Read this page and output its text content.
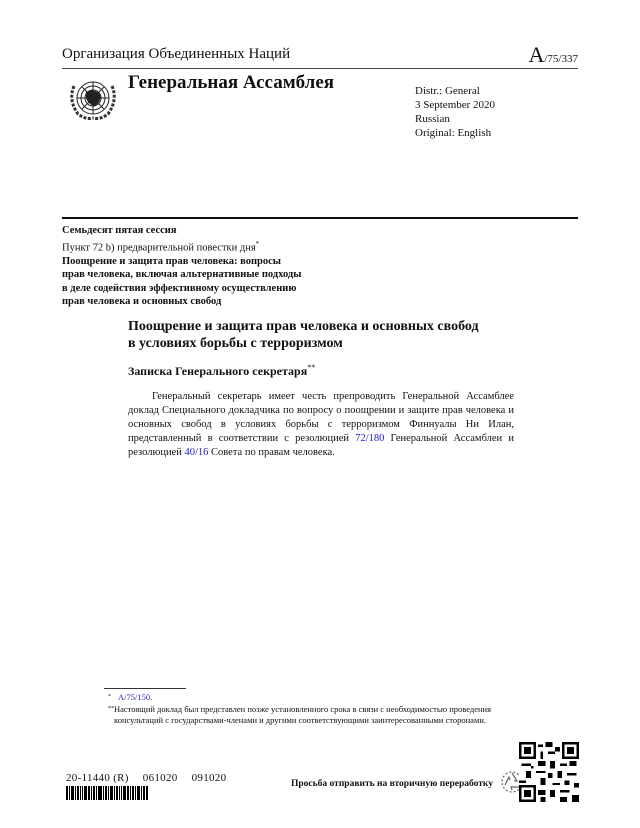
Организация Объединенных Наций	A/75/337
Генеральная Ассамблея	Distr.: General
3 September 2020
Russian
Original: English
Семьдесят пятая сессия
Пункт 72 b) предварительной повестки дня*
Поощрение и защита прав человека: вопросы
прав человека, включая альтернативные подходы
в деле содействия эффективному осуществлению
прав человека и основных свобод
Поощрение и защита прав человека и основных свобод
в условиях борьбы с терроризмом
Записка Генерального секретаря**

Генеральный секретарь имеет честь препроводить Генеральной Ассамблее доклад Специального докладчика по вопросу о поощрении и защите прав человека и основных свобод в условиях борьбы с терроризмом Финнуалы Ни Илан, представленный в соответствии с резолюцией 72/180 Генеральной Ассамблеи и резолюцией 40/16 Совета по правам человека.

* A/75/150.
** Настоящий доклад был представлен позже установленного срока в связи с необходимостью проведения консультаций с государствами-членами и другими соответствующими заинтересованными сторонами.
20-11440 (R) 061020 091020	Просьба отправить на вторичную переработку
